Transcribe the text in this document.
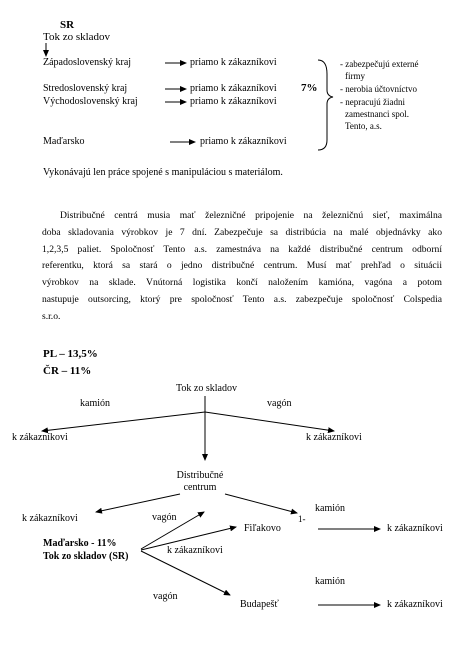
SR
Tok zo skladov
Západoslovenský kraj	priamo k zákazníkovi
Stredoslovenský kraj	priamo k zákazníkovi 7%
Východoslovenský kraj	priamo k zákazníkovi
Maďarsko	priamo k zákazníkovi
- zabezpečujú externé
firmy
- nerobia účtovníctvo
- nepracujú žiadni
zamestnanci spol.
Tento, a.s.
Vykonávajú len práce spojené s manipuláciou s materiálom.
Distribučné centrá musia mať železničné pripojenie na železničnú sieť, maximálna
doba skladovania výrobkov je 7 dní. Zabezpečuje sa distribúcia na malé objednávky ako
1,2,3,5 paliet. Spoločnosť Tento a.s. zamestnáva na každé distribučné centrum odborní
referentku, ktorá sa stará o jedno distribučné centrum. Musí mať prehľad o situácii
výrobkov na sklade. Vnútorná logistika končí naložením kamióna, vagóna a potom
nastupuje outsorcing, ktorý pre spoločnosť Tento a.s. zabezpečuje spoločnosť Colspedia
s.r.o.
PL – 13,5%
ČR – 11%
Tok zo skladov
kamión	vagón
k zákazníkovi	k zákazníkovi
Distribučné
centrum
k zákazníkovi	vagón
kamión
Fiľakovo
1-
k zákazníkovi
Maďarsko - 11%
k zákazníkovi
Tok zo skladov (SR)
kamión
vagón
Budapešť	k zákazníkovi
